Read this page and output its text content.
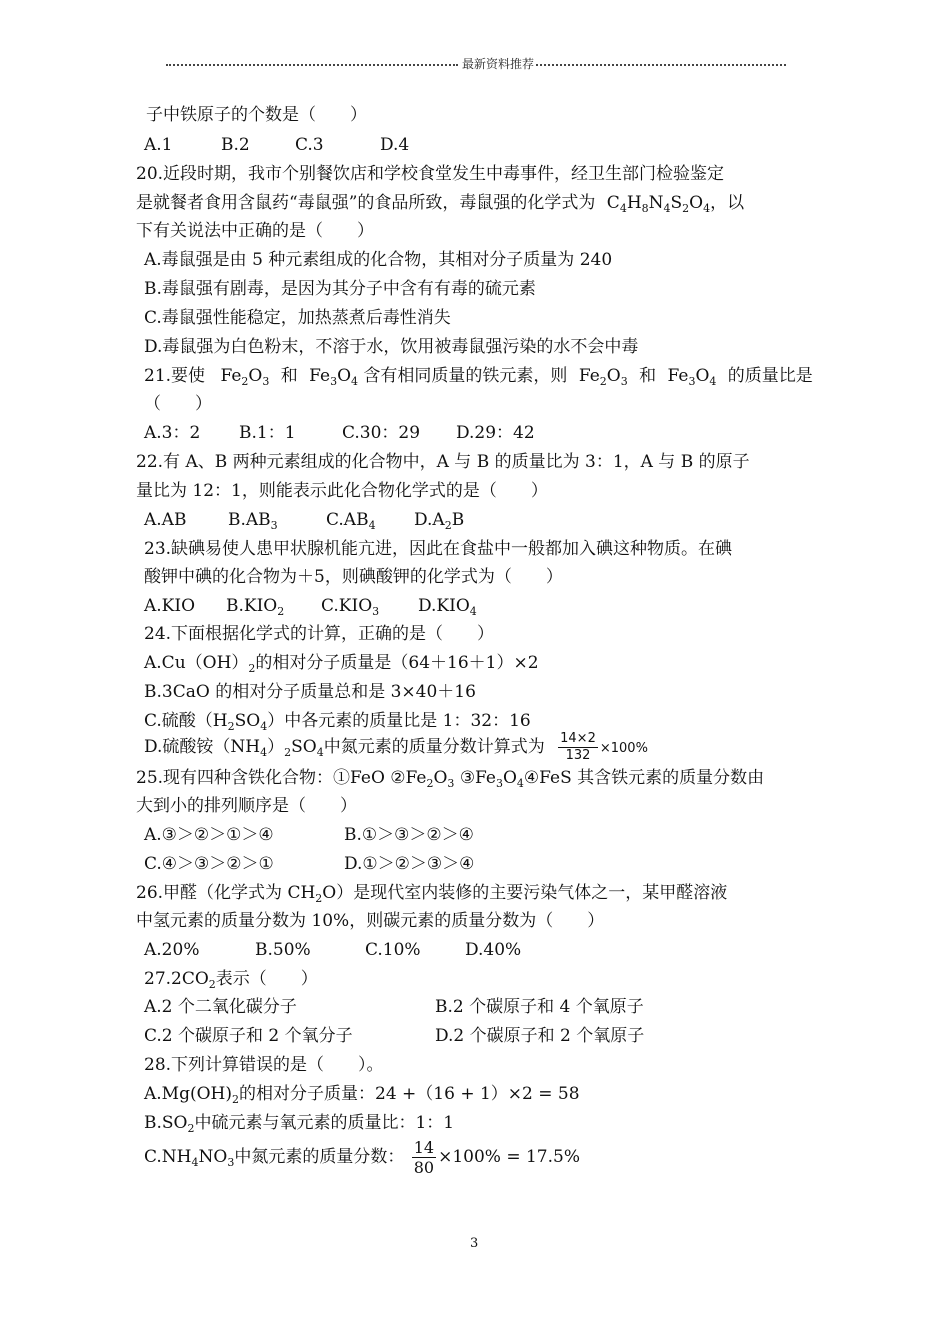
最新资料推荐
子中铁原子的个数是（　　）
A.1	B.2	C.3	D.4
20.近段时期，我市个别餐饮店和学校食堂发生中毒事件，经卫生部门检验鉴定
是就餐者食用含鼠药“毒鼠强”的食品所致，毒鼠强的化学式为 $C_4H_8N_4S_2O_4$，以
下有关说法中正确的是（　　）
A.毒鼠强是由 5 种元素组成的化合物，其相对分子质量为 240
B.毒鼠强有剧毒，是因为其分子中含有有毒的硫元素
C.毒鼠强性能稳定，加热蒸煮后毒性消失
D.毒鼠强为白色粉末，不溶于水，饮用被毒鼠强污染的水不会中毒
21.要使 $Fe_2O_3$ 和 $Fe_3O_4$ 含有相同质量的铁元素，则 $Fe_2O_3$ 和 $Fe_3O_4$ 的质量比是
（　　）
A.3：2 B.1：1	C.30：29 D.29：42
22.有 A、B 两种元素组成的化合物中，A 与 B 的质量比为 3：1，A 与 B 的原子
量比为 12：1，则能表示此化合物化学式的是（　　）
A.AB $B.AB_3$	$C.AB_4$ $D.A_2B$
23.缺碘易使人患甲状腺机能亢进，因此在食盐中一般都加入碘这种物质。在碘
酸钾中碘的化合物为＋5，则碘酸钾的化学式为（　　）
A.KIO $B.KIO_2$ $C.KIO_3$ $D.KIO_4$
24.下面根据化学式的计算，正确的是（　　）
$A.Cu(OH)_2$的相对分子质量是（64＋16＋1）×2
B.3CaO 的相对分子质量总和是 3×40＋16
C.硫酸$(H_2SO_4)$中各元素的质量比是 1：32：16
D.硫酸铵$(NH_4)_2SO_4$中氮元素的质量分数计算式为 $\frac{14\times 2}{132} \times 100\%$
25.现有四种含铁化合物：①FeO $②Fe_2O_3$ $③Fe_3O_4④FeS$ 其含铁元素的质量分数由
大到小的排列顺序是（　　）
A.③＞②＞①＞④	B.①＞③＞②＞④
C.④＞③＞②＞①	D.①＞②＞③＞④
26.甲醛（化学式为 $CH_2O$）是现代室内装修的主要污染气体之一，某甲醛溶液
中氢元素的质量分数为 10%，则碳元素的质量分数为（　　）
A.20%	B.50%	C.10%	D.40%
$27.2CO_2$表示（　　）
A.2 个二氧化碳分子	B.2 个碳原子和 4 个氧原子
C.2 个碳原子和 2 个氧分子	D.2 个碳原子和 2 个氧原子
28.下列计算错误的是（　　）。
$A.Mg(OH)_2$的相对分子质量：24 +（16 + 1）×2 = 58
$B.SO_2$中硫元素与氧元素的质量比：1：1
$C.NH_4NO_3$中氮元素的质量分数： $\frac{14}{80} \times 100\% = 17.5\%$
3
